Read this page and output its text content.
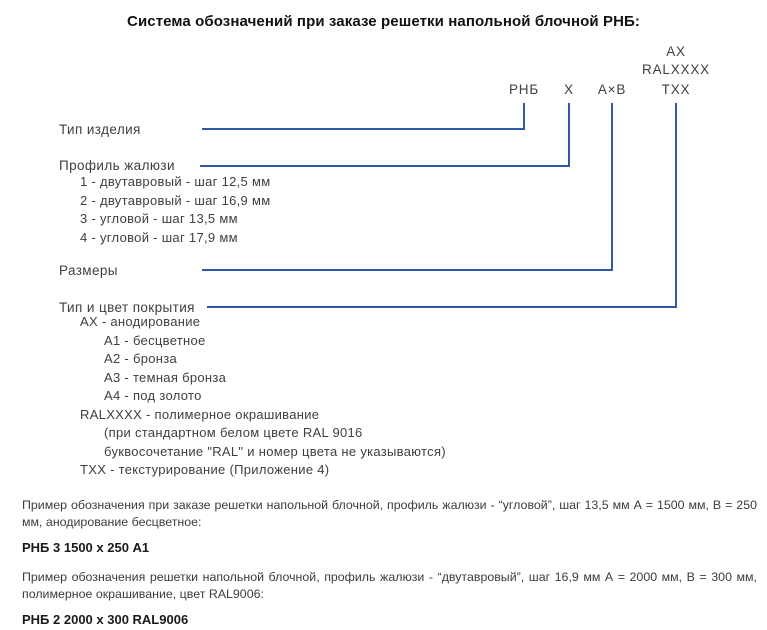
Система обозначений при заказе решетки напольной блочной РНБ:
АХ
RALXXXX
РНБ Х А×В	ТХХ
Тип изделия
Профиль жалюзи
1 - двутавровый - шаг 12,5 мм
2 - двутавровый - шаг 16,9 мм
3 - угловой - шаг 13,5 мм
4 - угловой - шаг 17,9 мм
Размеры
Тип и цвет покрытия
АХ - анодирование
А1 - бесцветное
А2 - бронза
А3 - темная бронза
А4 - под золото
RALXXXX - полимерное окрашивание
(при стандартном белом цвете RAL 9016
буквосочетание "RAL" и номер цвета не указываются)
ТХХ - текстурирование (Приложение 4)
Пример обозначения при заказе решетки напольной блочной, профиль жалюзи - “угловой”, шаг 13,5 мм А = 1500 мм, В = 250 мм, анодирование бесцветное:
РНБ 3 1500 x 250 А1
Пример обозначения решетки напольной блочной, профиль жалюзи - “двутавровый”, шаг 16,9 мм А = 2000 мм, В = 300 мм, полимерное окрашивание, цвет RAL9006:
РНБ 2 2000 x 300 RAL9006
